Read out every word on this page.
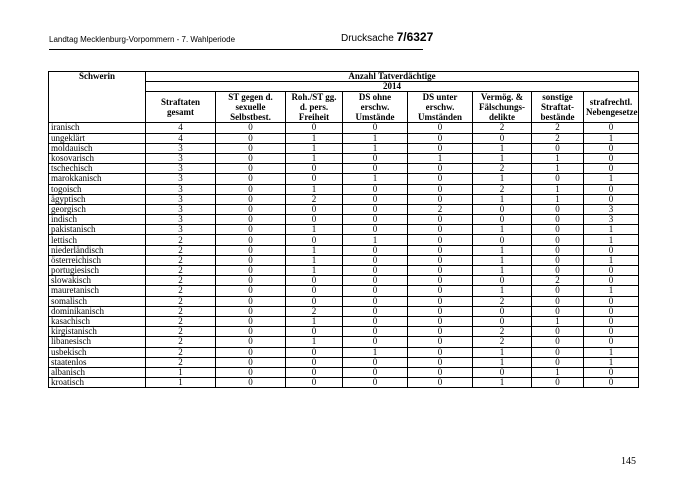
Landtag Mecklenburg-Vorpommern - 7. Wahlperiode	Drucksache 7/6327
Schwerin	Anzahl Tatverdächtige							
	2014							
	Straftaten gesamt	ST gegen d. sexuelle Selbstbest.	Roh./ST gg. d. pers. Freiheit	DS ohne erschw. Umstände	DS unter erschw. Umständen	Vermög. & Fälschungs-delikte	sonstige Straftat-bestände	strafrechtl. Nebengesetze
iranisch	4	0	0	0	0	2	2	0
ungeklärt	4	0	1	1	0	0	2	1
moldauisch	3	0	1	1	0	1	0	0
kosovarisch	3	0	1	0	1	1	1	0
tschechisch	3	0	0	0	0	2	1	0
marokkanisch	3	0	0	1	0	1	0	1
togoisch	3	0	1	0	0	2	1	0
ägyptisch	3	0	2	0	0	1	1	0
georgisch	3	0	0	0	2	0	0	3
indisch	3	0	0	0	0	0	0	3
pakistanisch	3	0	1	0	0	1	0	1
lettisch	2	0	0	1	0	0	0	1
niederländisch	2	0	1	0	0	1	0	0
österreichisch	2	0	1	0	0	1	0	1
portugiesisch	2	0	1	0	0	1	0	0
slowakisch	2	0	0	0	0	0	2	0
mauretanisch	2	0	0	0	0	1	0	1
somalisch	2	0	0	0	0	2	0	0
dominikanisch	2	0	2	0	0	0	0	0
kasachisch	2	0	1	0	0	0	1	0
kirgistanisch	2	0	0	0	0	2	0	0
libanesisch	2	0	1	0	0	2	0	0
usbekisch	2	0	0	1	0	1	0	1
staatenlos	2	0	0	0	0	1	0	1
albanisch	1	0	0	0	0	0	1	0
kroatisch	1	0	0	0	0	1	0	0
145
